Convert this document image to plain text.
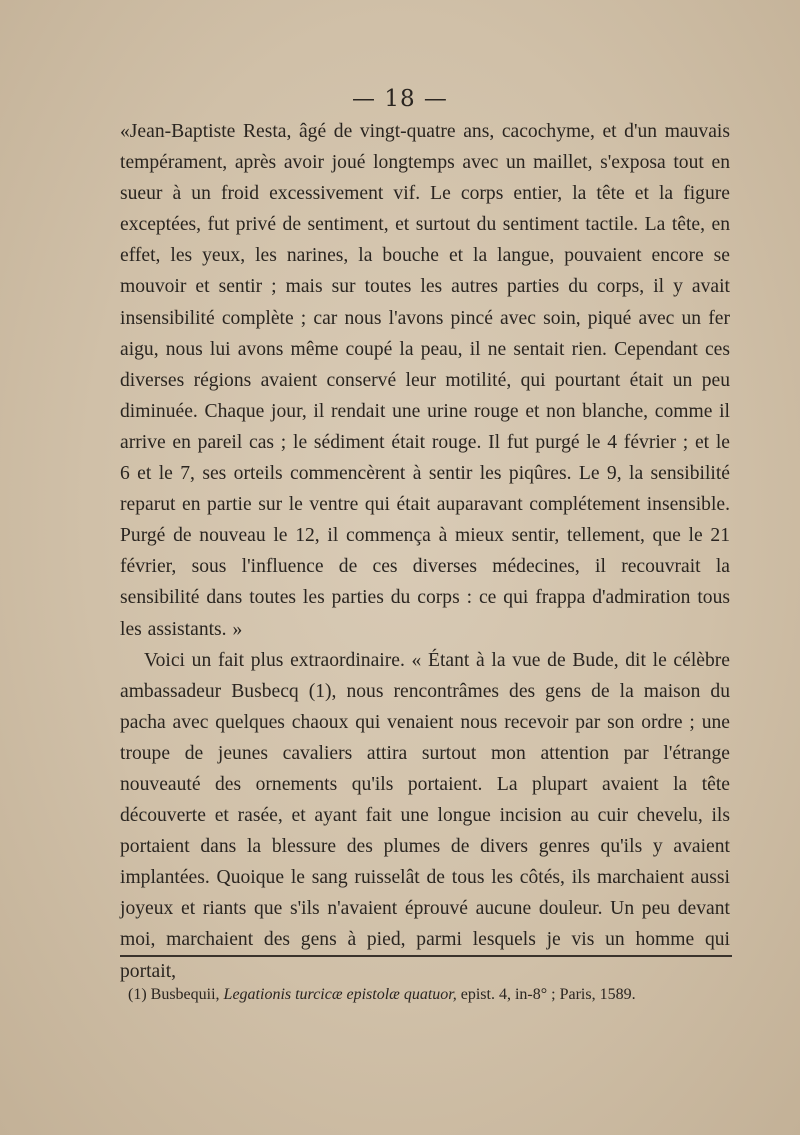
— 18 —

«Jean-Baptiste Resta, âgé de vingt-quatre ans, cacochyme, et d'un mauvais tempérament, après avoir joué longtemps avec un maillet, s'exposa tout en sueur à un froid excessivement vif. Le corps entier, la tête et la figure exceptées, fut privé de sentiment, et surtout du sentiment tactile. La tête, en effet, les yeux, les narines, la bouche et la langue, pouvaient encore se mouvoir et sentir ; mais sur toutes les autres parties du corps, il y avait insensibilité complète ; car nous l'avons pincé avec soin, piqué avec un fer aigu, nous lui avons même coupé la peau, il ne sentait rien. Cependant ces diverses régions avaient conservé leur motilité, qui pourtant était un peu diminuée. Chaque jour, il rendait une urine rouge et non blanche, comme il arrive en pareil cas ; le sédiment était rouge. Il fut purgé le 4 février ; et le 6 et le 7, ses orteils commencèrent à sentir les piqûres. Le 9, la sensibilité reparut en partie sur le ventre qui était auparavant complétement insensible. Purgé de nouveau le 12, il commença à mieux sentir, tellement, que le 21 février, sous l'influence de ces diverses médecines, il recouvrait la sensibilité dans toutes les parties du corps : ce qui frappa d'admiration tous les assistants. »

Voici un fait plus extraordinaire. « Étant à la vue de Bude, dit le célèbre ambassadeur Busbecq (1), nous rencontrâmes des gens de la maison du pacha avec quelques chaoux qui venaient nous recevoir par son ordre ; une troupe de jeunes cavaliers attira surtout mon attention par l'étrange nouveauté des ornements qu'ils portaient. La plupart avaient la tête découverte et rasée, et ayant fait une longue incision au cuir chevelu, ils portaient dans la blessure des plumes de divers genres qu'ils y avaient implantées. Quoique le sang ruisselât de tous les côtés, ils marchaient aussi joyeux et riants que s'ils n'avaient éprouvé aucune douleur. Un peu devant moi, marchaient des gens à pied, parmi lesquels je vis un homme qui portait,

(1) Busbequii, Legationis turcicæ epistolæ quatuor, epist. 4, in-8° ; Paris, 1589.
